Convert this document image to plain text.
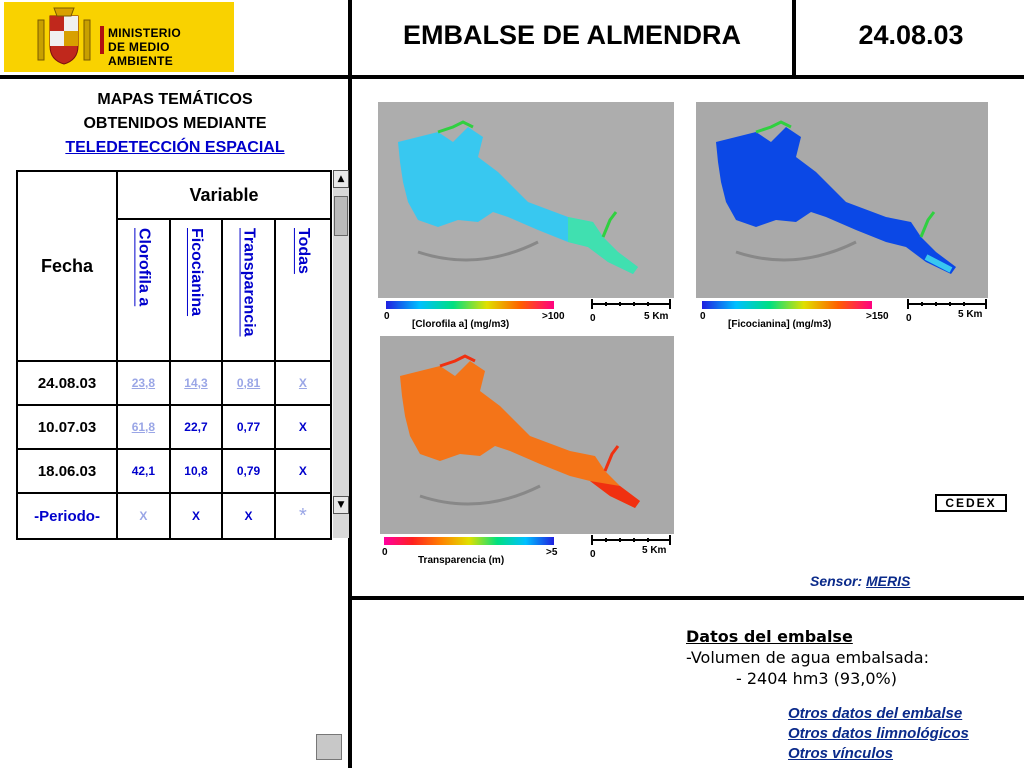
MINISTERIO
DE MEDIO AMBIENTE
EMBALSE DE ALMENDRA	24.08.03
MAPAS TEMÁTICOS
OBTENIDOS MEDIANTE
TELEDETECCIÓN ESPACIAL
Fecha	Variable			
	Clorofila a	Ficocianina	Transparencia	Todas
24.08.03	23,8	14,3	0,81	X
10.07.03	61,8	22,7	0,77	X
18.06.03	42,1	10,8	0,79	X
-Periodo-	X	X	X	*
▲
▼
0	>100
[Clorofila a] (mg/m3)
0	5 Km	0	>150
[Ficocianina] (mg/m3)
0	5 Km
0	>5
Transparencia (m)
0	5 Km
CEDEX
Sensor: MERIS
Datos del embalse
-Volumen de agua embalsada:
- 2404 hm3 (93,0%)
Otros datos del embalse
Otros datos limnológicos
Otros vínculos
